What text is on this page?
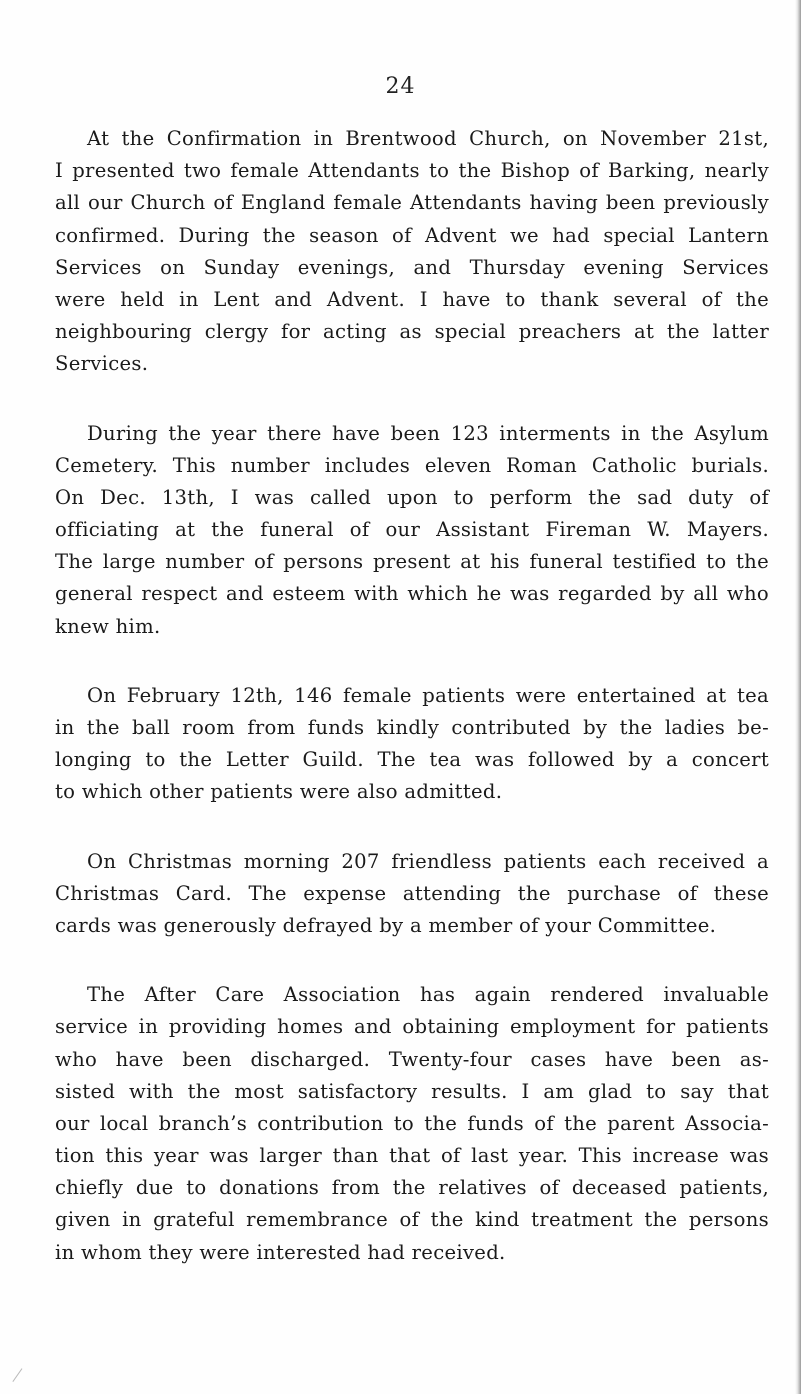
24

At the Confirmation in Brentwood Church, on November 21st,
I presented two female Attendants to the Bishop of Barking, nearly
all our Church of England female Attendants having been previously
confirmed. During the season of Advent we had special Lantern
Services on Sunday evenings, and Thursday evening Services
were held in Lent and Advent. I have to thank several of the
neighbouring clergy for acting as special preachers at the latter
Services.

During the year there have been 123 interments in the Asylum
Cemetery. This number includes eleven Roman Catholic burials.
On Dec. 13th, I was called upon to perform the sad duty of
officiating at the funeral of our Assistant Fireman W. Mayers.
The large number of persons present at his funeral testified to the
general respect and esteem with which he was regarded by all who
knew him.

On February 12th, 146 female patients were entertained at tea
in the ball room from funds kindly contributed by the ladies be-
longing to the Letter Guild. The tea was followed by a concert
to which other patients were also admitted.

On Christmas morning 207 friendless patients each received a
Christmas Card. The expense attending the purchase of these
cards was generously defrayed by a member of your Committee.

The After Care Association has again rendered invaluable
service in providing homes and obtaining employment for patients
who have been discharged. Twenty-four cases have been as-
sisted with the most satisfactory results. I am glad to say that
our local branch’s contribution to the funds of the parent Associa-
tion this year was larger than that of last year. This increase was
chiefly due to donations from the relatives of deceased patients,
given in grateful remembrance of the kind treatment the persons
in whom they were interested had received.
